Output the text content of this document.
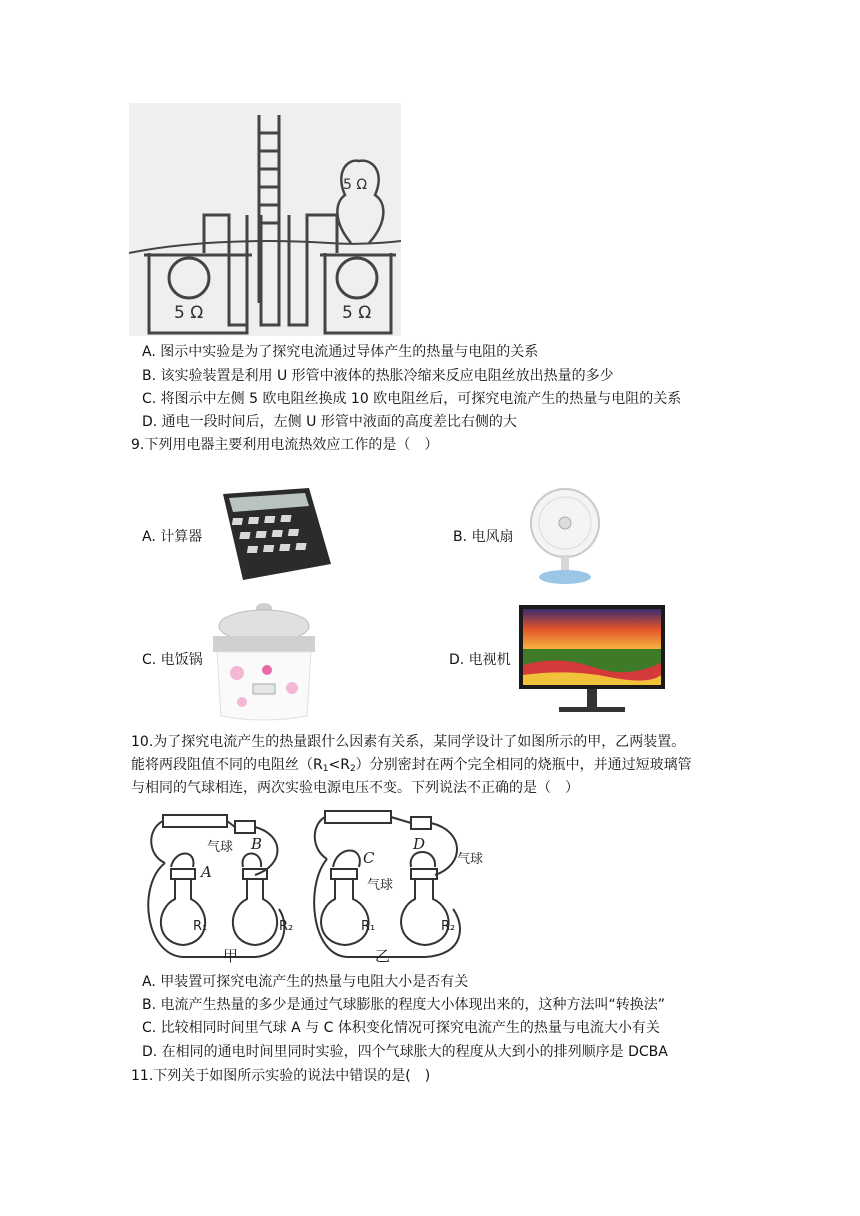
5 Ω	5 Ω
5 Ω
A. 图示中实验是为了探究电流通过导体产生的热量与电阻的关系
B. 该实验装置是利用 U 形管中液体的热胀冷缩来反应电阻丝放出热量的多少
C. 将图示中左侧 5 欧电阻丝换成 10 欧电阻丝后，可探究电流产生的热量与电阻的关系
D. 通电一段时间后，左侧 U 形管中液面的高度差比右侧的大
9.下列用电器主要利用电流热效应工作的是（　）
A. 计算器	B. 电风扇
C. 电饭锅	D. 电视机
10.为了探究电流产生的热量跟什么因素有关系，某同学设计了如图所示的甲，乙两装置。
能将两段阻值不同的电阻丝$(R_1<R_2)$分别密封在两个完全相同的烧瓶中，并通过短玻璃管
与相同的气球相连，两次实验电源电压不变。下列说法不正确的是（　）
B
A
C
D
气球
气球
气球
R₁	R₂	R₁	R₂
甲	乙
A. 甲装置可探究电流产生的热量与电阻大小是否有关
B. 电流产生热量的多少是通过气球膨胀的程度大小体现出来的，这种方法叫“转换法”
C. 比较相同时间里气球 A 与 C 体积变化情况可探究电流产生的热量与电流大小有关
D. 在相同的通电时间里同时实验，四个气球胀大的程度从大到小的排列顺序是 DCBA
11.下列关于如图所示实验的说法中错误的是(　)
